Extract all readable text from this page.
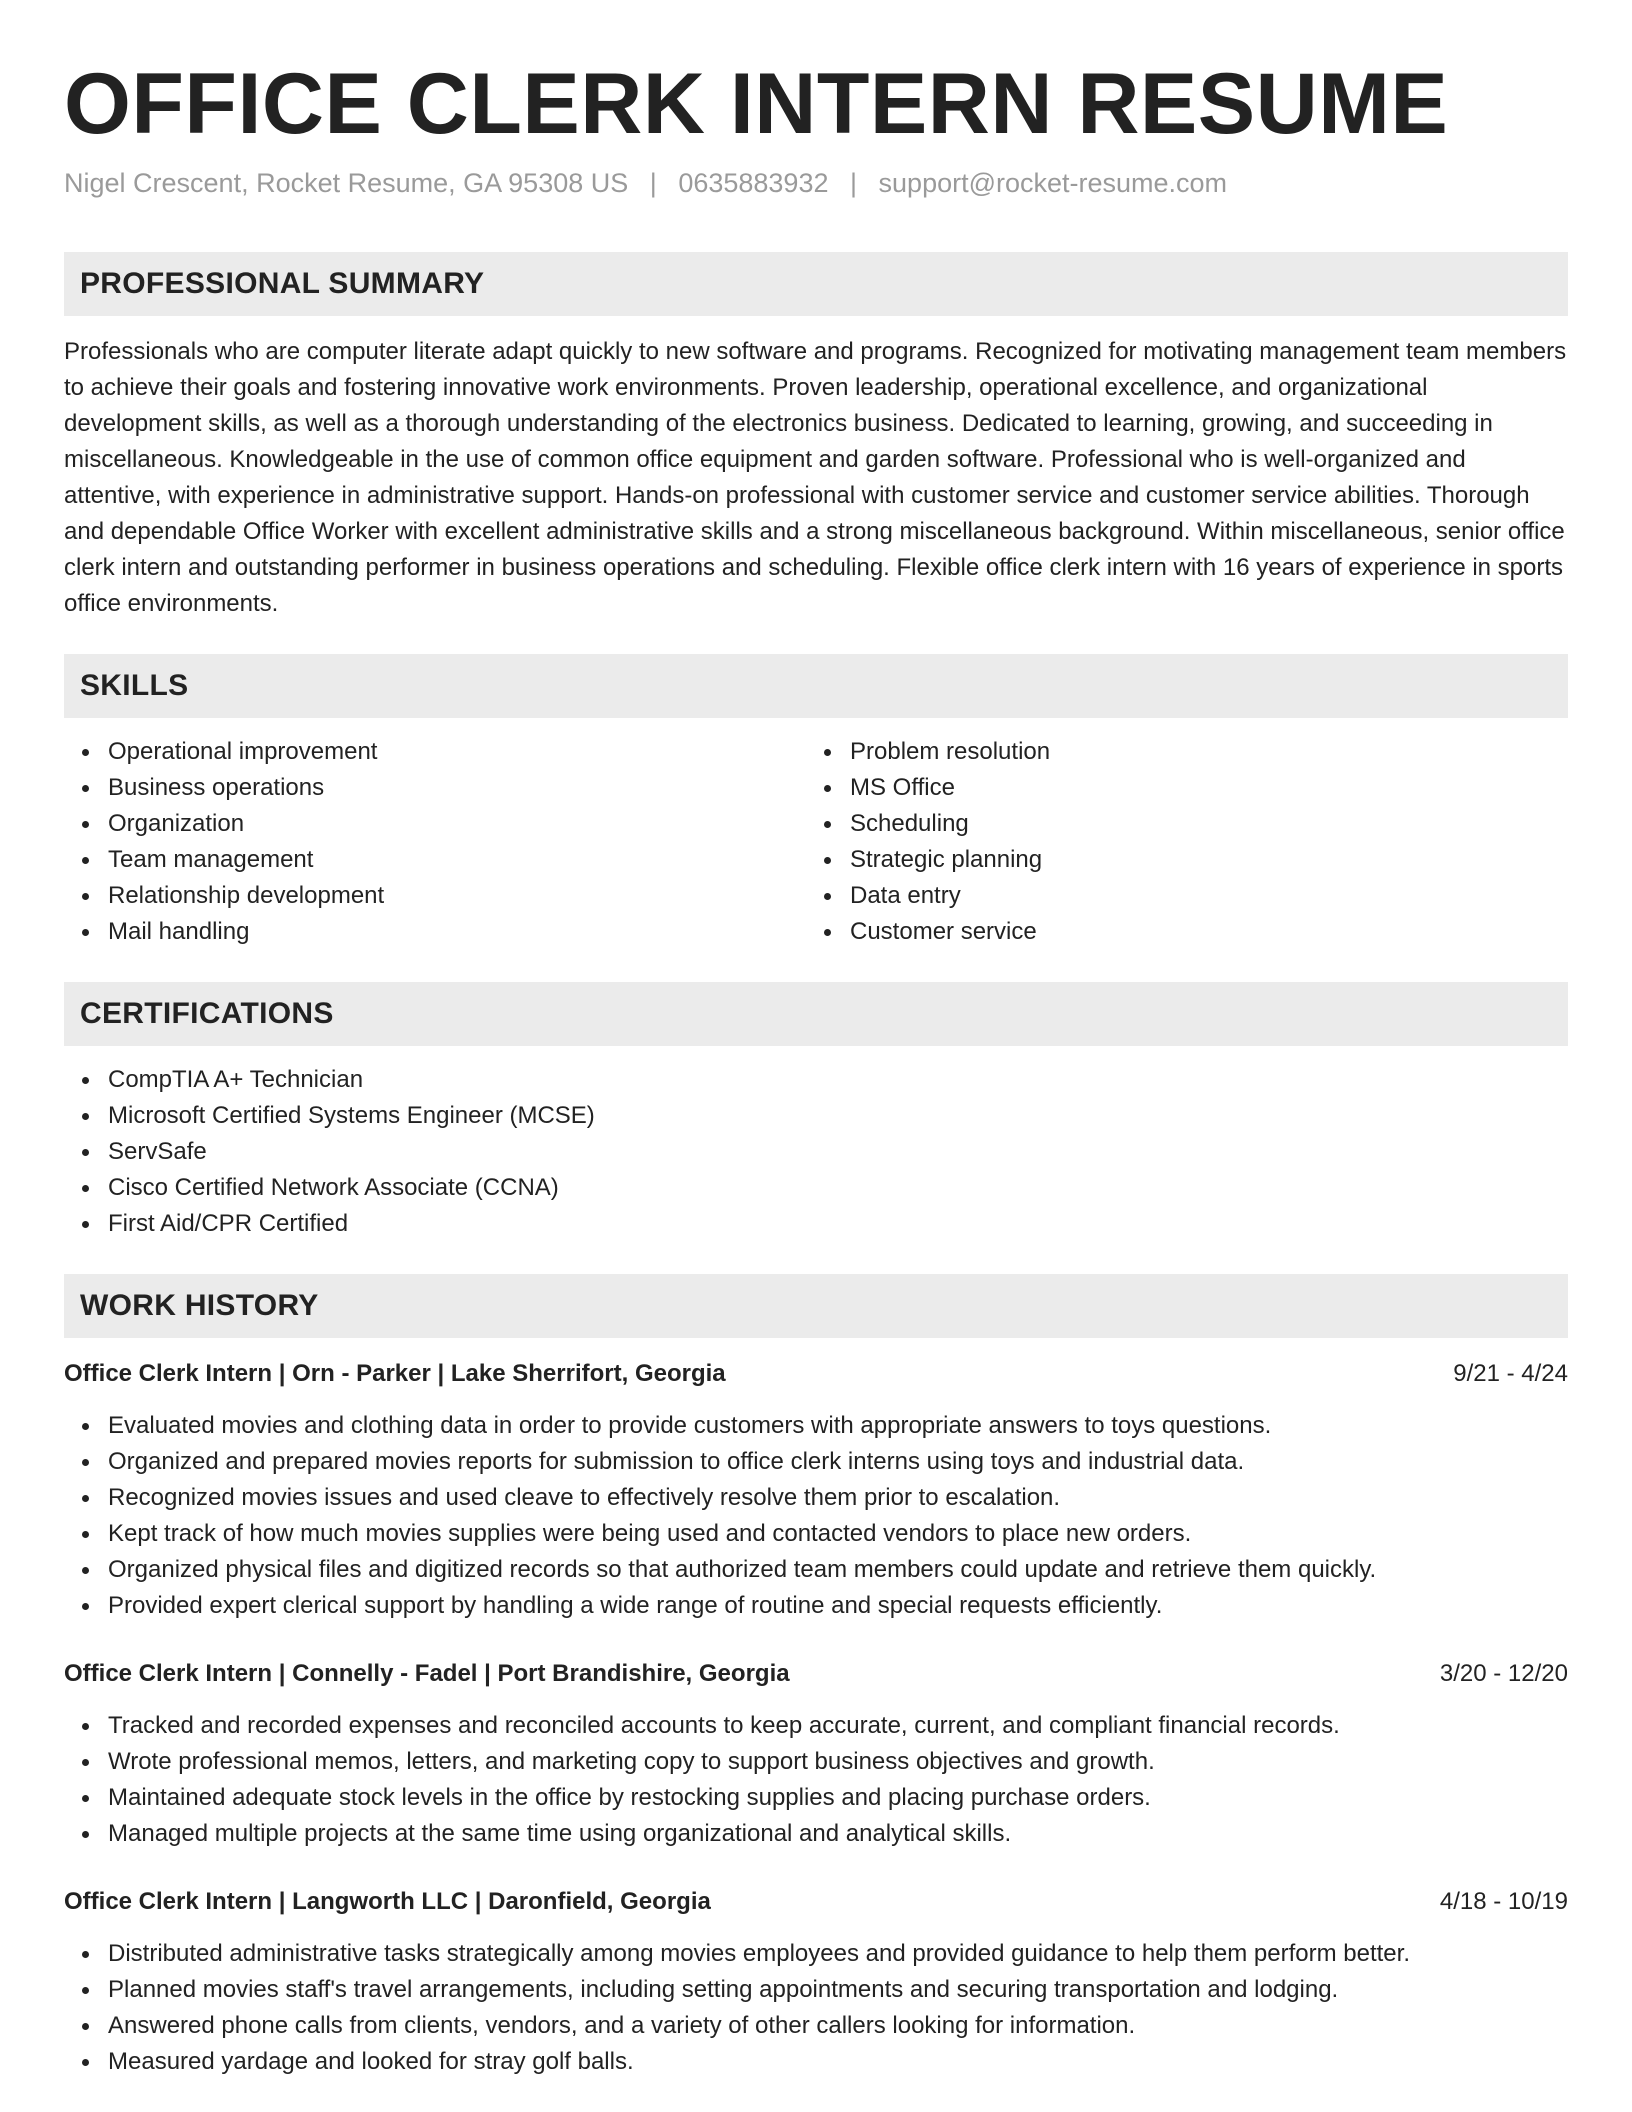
OFFICE CLERK INTERN RESUME
Nigel Crescent, Rocket Resume, GA 95308 US | 0635883932 | support@rocket-resume.com
PROFESSIONAL SUMMARY

Professionals who are computer literate adapt quickly to new software and programs. Recognized for motivating management team members to achieve their goals and fostering innovative work environments. Proven leadership, operational excellence, and organizational development skills, as well as a thorough understanding of the electronics business. Dedicated to learning, growing, and succeeding in miscellaneous. Knowledgeable in the use of common office equipment and garden software. Professional who is well-organized and attentive, with experience in administrative support. Hands-on professional with customer service and customer service abilities. Thorough and dependable Office Worker with excellent administrative skills and a strong miscellaneous background. Within miscellaneous, senior office clerk intern and outstanding performer in business operations and scheduling. Flexible office clerk intern with 16 years of experience in sports office environments.

SKILLS
Operational improvement
Business operations
Organization
Team management
Relationship development
Mail handling
Problem resolution
MS Office
Scheduling
Strategic planning
Data entry
Customer service
CERTIFICATIONS
CompTIA A+ Technician
Microsoft Certified Systems Engineer (MCSE)
ServSafe
Cisco Certified Network Associate (CCNA)
First Aid/CPR Certified
WORK HISTORY
Office Clerk Intern | Orn - Parker | Lake Sherrifort, Georgia	9/21 - 4/24
Evaluated movies and clothing data in order to provide customers with appropriate answers to toys questions.
Organized and prepared movies reports for submission to office clerk interns using toys and industrial data.
Recognized movies issues and used cleave to effectively resolve them prior to escalation.
Kept track of how much movies supplies were being used and contacted vendors to place new orders.
Organized physical files and digitized records so that authorized team members could update and retrieve them quickly.
Provided expert clerical support by handling a wide range of routine and special requests efficiently.
Office Clerk Intern | Connelly - Fadel | Port Brandishire, Georgia	3/20 - 12/20
Tracked and recorded expenses and reconciled accounts to keep accurate, current, and compliant financial records.
Wrote professional memos, letters, and marketing copy to support business objectives and growth.
Maintained adequate stock levels in the office by restocking supplies and placing purchase orders.
Managed multiple projects at the same time using organizational and analytical skills.
Office Clerk Intern | Langworth LLC | Daronfield, Georgia	4/18 - 10/19
Distributed administrative tasks strategically among movies employees and provided guidance to help them perform better.
Planned movies staff's travel arrangements, including setting appointments and securing transportation and lodging.
Answered phone calls from clients, vendors, and a variety of other callers looking for information.
Measured yardage and looked for stray golf balls.
